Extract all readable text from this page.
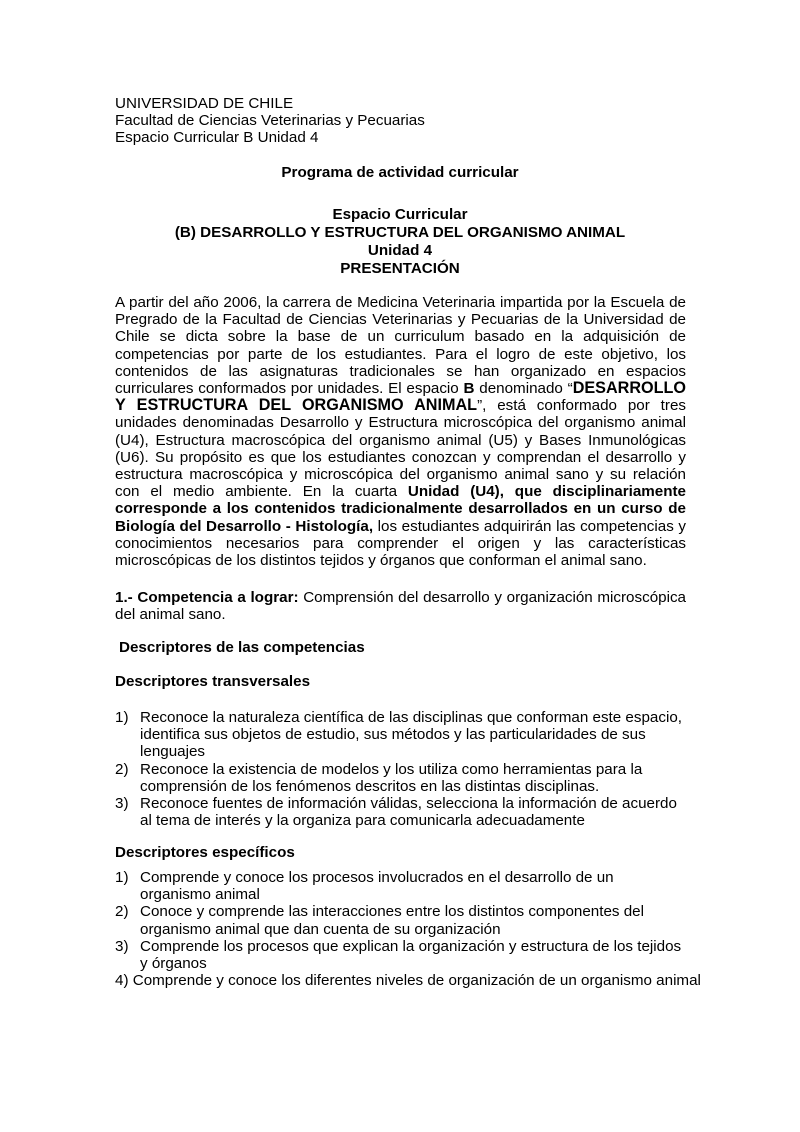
UNIVERSIDAD DE CHILE
Facultad de Ciencias Veterinarias y Pecuarias
Espacio Curricular B Unidad 4
Programa de actividad curricular
Espacio Curricular
(B) DESARROLLO Y ESTRUCTURA DEL ORGANISMO ANIMAL
Unidad 4
PRESENTACIÓN
A partir del año 2006, la carrera de Medicina Veterinaria impartida por la Escuela de Pregrado de la Facultad de Ciencias Veterinarias y Pecuarias de la Universidad de Chile se dicta sobre la base de un curriculum basado en la adquisición de competencias por parte de los estudiantes. Para el logro de este objetivo, los contenidos de las asignaturas tradicionales se han organizado en espacios curriculares conformados por unidades. El espacio B denominado “DESARROLLO Y ESTRUCTURA DEL ORGANISMO ANIMAL”, está conformado por tres unidades denominadas Desarrollo y Estructura microscópica del organismo animal (U4), Estructura macroscópica del organismo animal (U5) y Bases Inmunológicas (U6). Su propósito es que los estudiantes conozcan y comprendan el desarrollo y estructura macroscópica y microscópica del organismo animal sano y su relación con el medio ambiente. En la cuarta Unidad (U4), que disciplinariamente corresponde a los contenidos tradicionalmente desarrollados en un curso de Biología del Desarrollo - Histología, los estudiantes adquirirán las competencias y conocimientos necesarios para comprender el origen y las características microscópicas de los distintos tejidos y órganos que conforman el animal sano.
1.- Competencia a lograr: Comprensión del desarrollo y organización microscópica del animal sano.
Descriptores de las competencias
Descriptores transversales
1) Reconoce la naturaleza científica de las disciplinas que conforman este espacio, identifica sus objetos de estudio, sus métodos y las particularidades de sus lenguajes
2) Reconoce la existencia de modelos y los utiliza como herramientas para la comprensión de los fenómenos descritos en las distintas disciplinas.
3) Reconoce fuentes de información válidas, selecciona la información de acuerdo al tema de interés y la organiza para comunicarla adecuadamente
Descriptores específicos
1) Comprende y conoce los procesos involucrados en el desarrollo de un organismo animal
2) Conoce y comprende las interacciones entre los distintos componentes del organismo animal que dan cuenta de su organización
3) Comprende los procesos que explican la organización y estructura de los tejidos y órganos
4) Comprende y conoce los diferentes niveles de organización de un organismo animal
